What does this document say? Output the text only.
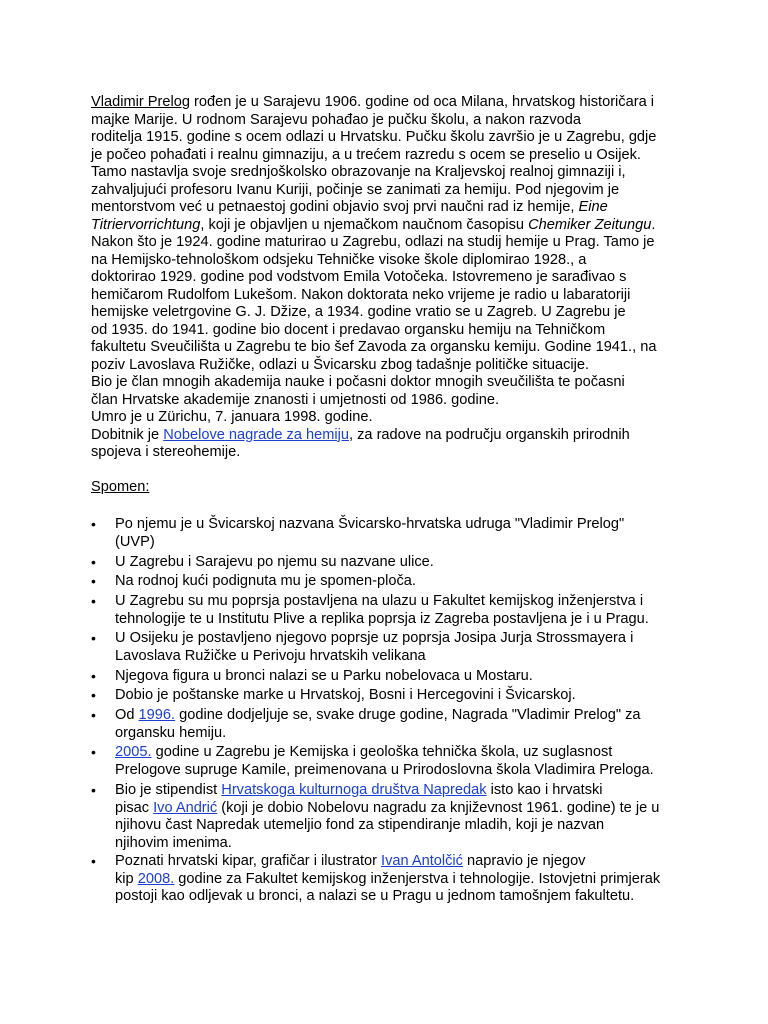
Vladimir Prelog rođen je u Sarajevu 1906. godine od oca Milana, hrvatskog historičara i
majke Marije. U rodnom Sarajevu pohađao je pučku školu, a nakon razvoda
roditelja 1915. godine s ocem odlazi u Hrvatsku. Pučku školu završio je u Zagrebu, gdje
je počeo pohađati i realnu gimnaziju, a u trećem razredu s ocem se preselio u Osijek.
Tamo nastavlja svoje srednjoškolsko obrazovanje na Kraljevskoj realnoj gimnaziji i,
zahvaljujući profesoru Ivanu Kuriji, počinje se zanimati za hemiju. Pod njegovim je
mentorstvom već u petnaestoj godini objavio svoj prvi naučni rad iz hemije, Eine
Titriervorrichtung, koji je objavljen u njemačkom naučnom časopisu Chemiker Zeitungu.
Nakon što je 1924. godine maturirao u Zagrebu, odlazi na studij hemije u Prag. Tamo je
na Hemijsko-tehnološkom odsjeku Tehničke visoke škole diplomirao 1928., a
doktorirao 1929. godine pod vodstvom Emila Votočeka. Istovremeno je sarađivao s
hemičarom Rudolfom Lukešom. Nakon doktorata neko vrijeme je radio u labaratoriji
hemijske veletrgovine G. J. Džize, a 1934. godine vratio se u Zagreb. U Zagrebu je
od 1935. do 1941. godine bio docent i predavao organsku hemiju na Tehničkom
fakultetu Sveučilišta u Zagrebu te bio šef Zavoda za organsku kemiju. Godine 1941., na
poziv Lavoslava Ružičke, odlazi u Švicarsku zbog tadašnje političke situacije.
Bio je član mnogih akademija nauke i počasni doktor mnogih sveučilišta te počasni
član Hrvatske akademije znanosti i umjetnosti od 1986. godine.
Umro je u Zürichu, 7. januara 1998. godine.
Dobitnik je Nobelove nagrade za hemiju, za radove na području organskih prirodnih
spojeva i stereohemije.
Spomen:
• Po njemu je u Švicarskoj nazvana Švicarsko-hrvatska udruga "Vladimir Prelog"
(UVP)
• U Zagrebu i Sarajevu po njemu su nazvane ulice.
• Na rodnoj kući podignuta mu je spomen-ploča.
• U Zagrebu su mu poprsja postavljena na ulazu u Fakultet kemijskog inženjerstva i
tehnologije te u Institutu Plive a replika poprsja iz Zagreba postavljena je i u Pragu.
• U Osijeku je postavljeno njegovo poprsje uz poprsja Josipa Jurja Strossmayera i
Lavoslava Ružičke u Perivoju hrvatskih velikana
• Njegova figura u bronci nalazi se u Parku nobelovaca u Mostaru.
• Dobio je poštanske marke u Hrvatskoj, Bosni i Hercegovini i Švicarskoj.
• Od 1996. godine dodjeljuje se, svake druge godine, Nagrada "Vladimir Prelog" za
organsku hemiju.
• 2005. godine u Zagrebu je Kemijska i geološka tehnička škola, uz suglasnost
Prelogove supruge Kamile, preimenovana u Prirodoslovna škola Vladimira Preloga.
• Bio je stipendist Hrvatskoga kulturnoga društva Napredak isto kao i hrvatski
pisac Ivo Andrić (koji je dobio Nobelovu nagradu za književnost 1961. godine) te je u
njihovu čast Napredak utemeljio fond za stipendiranje mladih, koji je nazvan
njihovim imenima.
• Poznati hrvatski kipar, grafičar i ilustrator Ivan Antolčić napravio je njegov
kip 2008. godine za Fakultet kemijskog inženjerstva i tehnologije. Istovjetni primjerak
postoji kao odljevak u bronci, a nalazi se u Pragu u jednom tamošnjem fakultetu.
